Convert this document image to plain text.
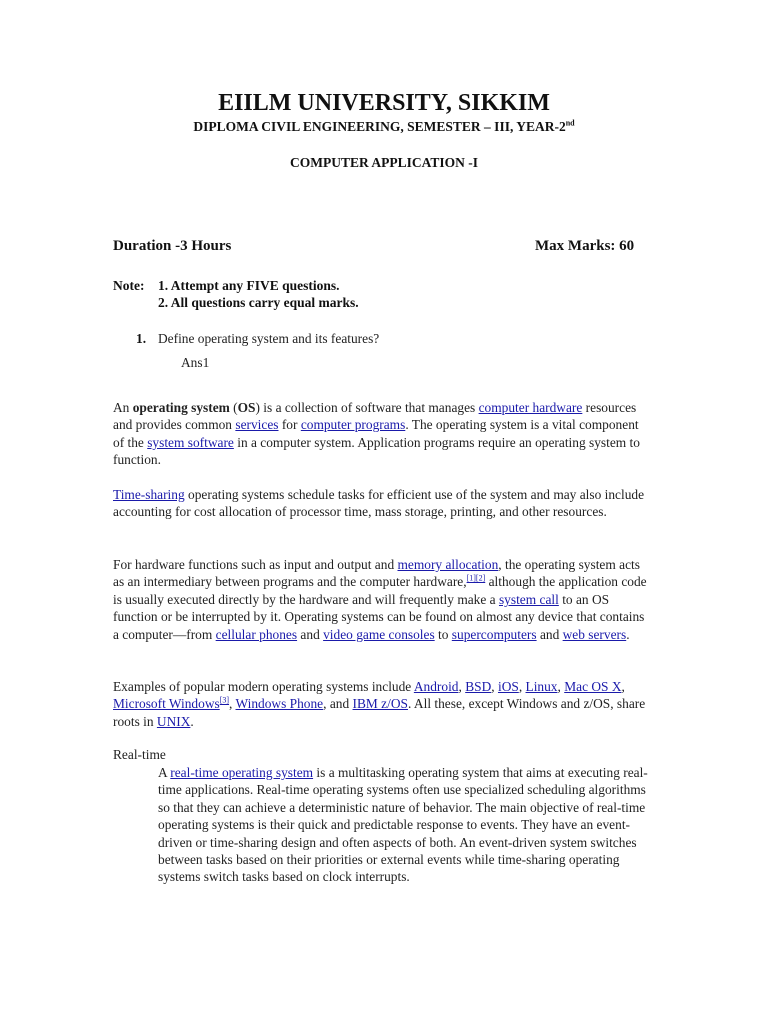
EIILM UNIVERSITY, SIKKIM
DIPLOMA CIVIL ENGINEERING, SEMESTER – III, YEAR-2nd
COMPUTER APPLICATION -I
Duration -3 Hours	Max Marks: 60
Note: 1. Attempt any FIVE questions.
2. All questions carry equal marks.
1. Define operating system and its features?
Ans1
An operating system (OS) is a collection of software that manages computer hardware resources and provides common services for computer programs. The operating system is a vital component of the system software in a computer system. Application programs require an operating system to function.
Time-sharing operating systems schedule tasks for efficient use of the system and may also include accounting for cost allocation of processor time, mass storage, printing, and other resources.
For hardware functions such as input and output and memory allocation, the operating system acts as an intermediary between programs and the computer hardware,[1][2] although the application code is usually executed directly by the hardware and will frequently make a system call to an OS function or be interrupted by it. Operating systems can be found on almost any device that contains a computer—from cellular phones and video game consoles to supercomputers and web servers.
Examples of popular modern operating systems include Android, BSD, iOS, Linux, Mac OS X, Microsoft Windows[3], Windows Phone, and IBM z/OS. All these, except Windows and z/OS, share roots in UNIX.
Real-time
A real-time operating system is a multitasking operating system that aims at executing real-time applications. Real-time operating systems often use specialized scheduling algorithms so that they can achieve a deterministic nature of behavior. The main objective of real-time operating systems is their quick and predictable response to events. They have an event-driven or time-sharing design and often aspects of both. An event-driven system switches between tasks based on their priorities or external events while time-sharing operating systems switch tasks based on clock interrupts.
